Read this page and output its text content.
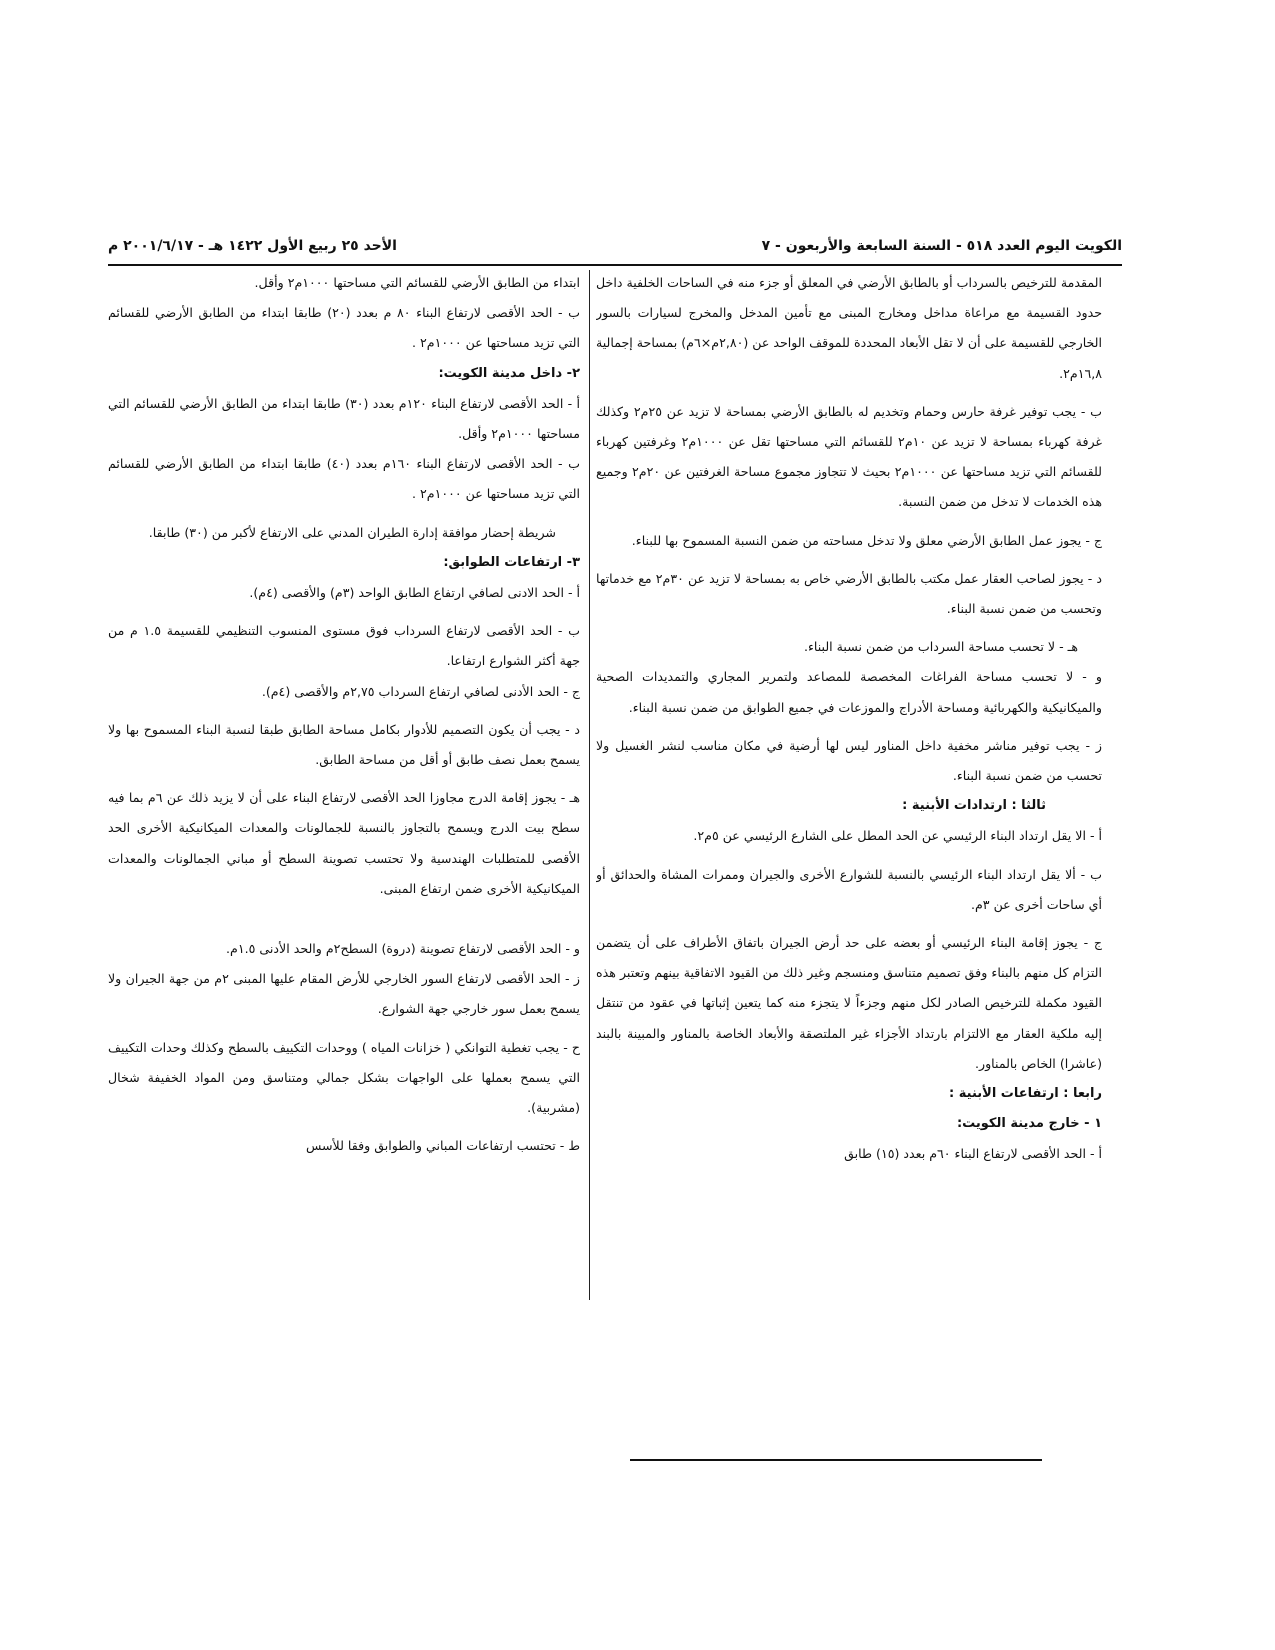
الكويت اليوم العدد ٥١٨ - السنة السابعة والأربعون - ٧
الأحد ٢٥ ربيع الأول ١٤٢٢ هـ - ٢٠٠١/٦/١٧ م

المقدمة للترخيص بالسرداب أو بالطابق الأرضي في المعلق أو جزء منه في الساحات الخلفية داخل حدود القسيمة مع مراعاة مداخل ومخارج المبنى مع تأمين المدخل والمخرج لسيارات بالسور الخارجي للقسيمة على أن لا تقل الأبعاد المحددة للموقف الواحد عن (٢,٨٠م×٦م) بمساحة إجمالية ١٦,٨م٢.

ب - يجب توفير غرفة حارس وحمام وتخديم له بالطابق الأرضي بمساحة لا تزيد عن ٢٥م٢ وكذلك غرفة كهرباء بمساحة لا تزيد عن ١٠م٢ للقسائم التي مساحتها تقل عن ١٠٠٠م٢ وغرفتين كهرباء للقسائم التي تزيد مساحتها عن ١٠٠٠م٢ بحيث لا تتجاوز مجموع مساحة الغرفتين عن ٢٠م٢ وجميع هذه الخدمات لا تدخل من ضمن النسبة.

ج - يجوز عمل الطابق الأرضي معلق ولا تدخل مساحته من ضمن النسبة المسموح بها للبناء.

د - يجوز لصاحب العقار عمل مكتب بالطابق الأرضي خاص به بمساحة لا تزيد عن ٣٠م٢ مع خدماتها وتحسب من ضمن نسبة البناء.

هـ - لا تحسب مساحة السرداب من ضمن نسبة البناء.

و - لا تحسب مساحة الفراغات المخصصة للمصاعد ولتمرير المجاري والتمديدات الصحية والميكانيكية والكهربائية ومساحة الأدراج والموزعات في جميع الطوابق من ضمن نسبة البناء.

ز - يجب توفير مناشر مخفية داخل المناور ليس لها أرضية في مكان مناسب لنشر الغسيل ولا تحسب من ضمن نسبة البناء.

ثالثا : ارتدادات الأبنية :

أ - الا يقل ارتداد البناء الرئيسي عن الحد المطل على الشارع الرئيسي عن ٥م٢.

ب - ألا يقل ارتداد البناء الرئيسي بالنسبة للشوارع الأخرى والجيران وممرات المشاة والحدائق أو أي ساحات أخرى عن ٣م.

ج - يجوز إقامة البناء الرئيسي أو بعضه على حد أرض الجيران باتفاق الأطراف على أن يتضمن التزام كل منهم بالبناء وفق تصميم متناسق ومنسجم وغير ذلك من القيود الاتفاقية بينهم وتعتبر هذه القيود مكملة للترخيص الصادر لكل منهم وجزءاً لا يتجزء منه كما يتعين إثباتها في عقود من تنتقل إليه ملكية العقار مع الالتزام بارتداد الأجزاء غير الملتصقة والأبعاد الخاصة بالمناور والمبينة بالبند (عاشرا) الخاص بالمناور.

رابعا : ارتفاعات الأبنية :
١ - خارج مدينة الكويت:

أ - الحد الأقصى لارتفاع البناء ٦٠م بعدد (١٥) طابق

ابتداء من الطابق الأرضي للقسائم التي مساحتها ١٠٠٠م٢ وأقل.

ب - الحد الأقصى لارتفاع البناء ٨٠ م بعدد (٢٠) طابقا ابتداء من الطابق الأرضي للقسائم التي تزيد مساحتها عن ١٠٠٠م٢ .

٢- داخل مدينة الكويت:

أ - الحد الأقصى لارتفاع البناء ١٢٠م بعدد (٣٠) طابقا ابتداء من الطابق الأرضي للقسائم التي مساحتها ١٠٠٠م٢ وأقل.

ب - الحد الأقصى لارتفاع البناء ١٦٠م بعدد (٤٠) طابقا ابتداء من الطابق الأرضي للقسائم التي تزيد مساحتها عن ١٠٠٠م٢ .

شريطة إحضار موافقة إدارة الطيران المدني على الارتفاع لأكبر من (٣٠) طابقا.

٣- ارتفاعات الطوابق:

أ - الحد الادنى لصافي ارتفاع الطابق الواحد (٣م) والأقصى (٤م).

ب - الحد الأقصى لارتفاع السرداب فوق مستوى المنسوب التنظيمي للقسيمة ١.٥ م من جهة أكثر الشوارع ارتفاعا.

ج - الحد الأدنى لصافي ارتفاع السرداب ٢,٧٥م والأقصى (٤م).

د - يجب أن يكون التصميم للأدوار بكامل مساحة الطابق طبقا لنسبة البناء المسموح بها ولا يسمح بعمل نصف طابق أو أقل من مساحة الطابق.

هـ - يجوز إقامة الدرج مجاوزا الحد الأقصى لارتفاع البناء على أن لا يزيد ذلك عن ٦م بما فيه سطح بيت الدرج ويسمح بالتجاوز بالنسبة للجمالونات والمعدات الميكانيكية الأخرى الحد الأقصى للمتطلبات الهندسية ولا تحتسب تصوينة السطح أو مباني الجمالونات والمعدات الميكانيكية الأخرى ضمن ارتفاع المبنى.

و - الحد الأقصى لارتفاع تصوينة (دروة) السطح٢م والحد الأدنى ١.٥م.

ز - الحد الأقصى لارتفاع السور الخارجي للأرض المقام عليها المبنى ٢م من جهة الجيران ولا يسمح بعمل سور خارجي جهة الشوارع.

ح - يجب تغطية التوانكي ( خزانات المياه ) ووحدات التكييف بالسطح وكذلك وحدات التكييف التي يسمح بعملها على الواجهات بشكل جمالي ومتناسق ومن المواد الخفيفة شخال (مشربية).

ط - تحتسب ارتفاعات المباني والطوابق وفقا للأسس
